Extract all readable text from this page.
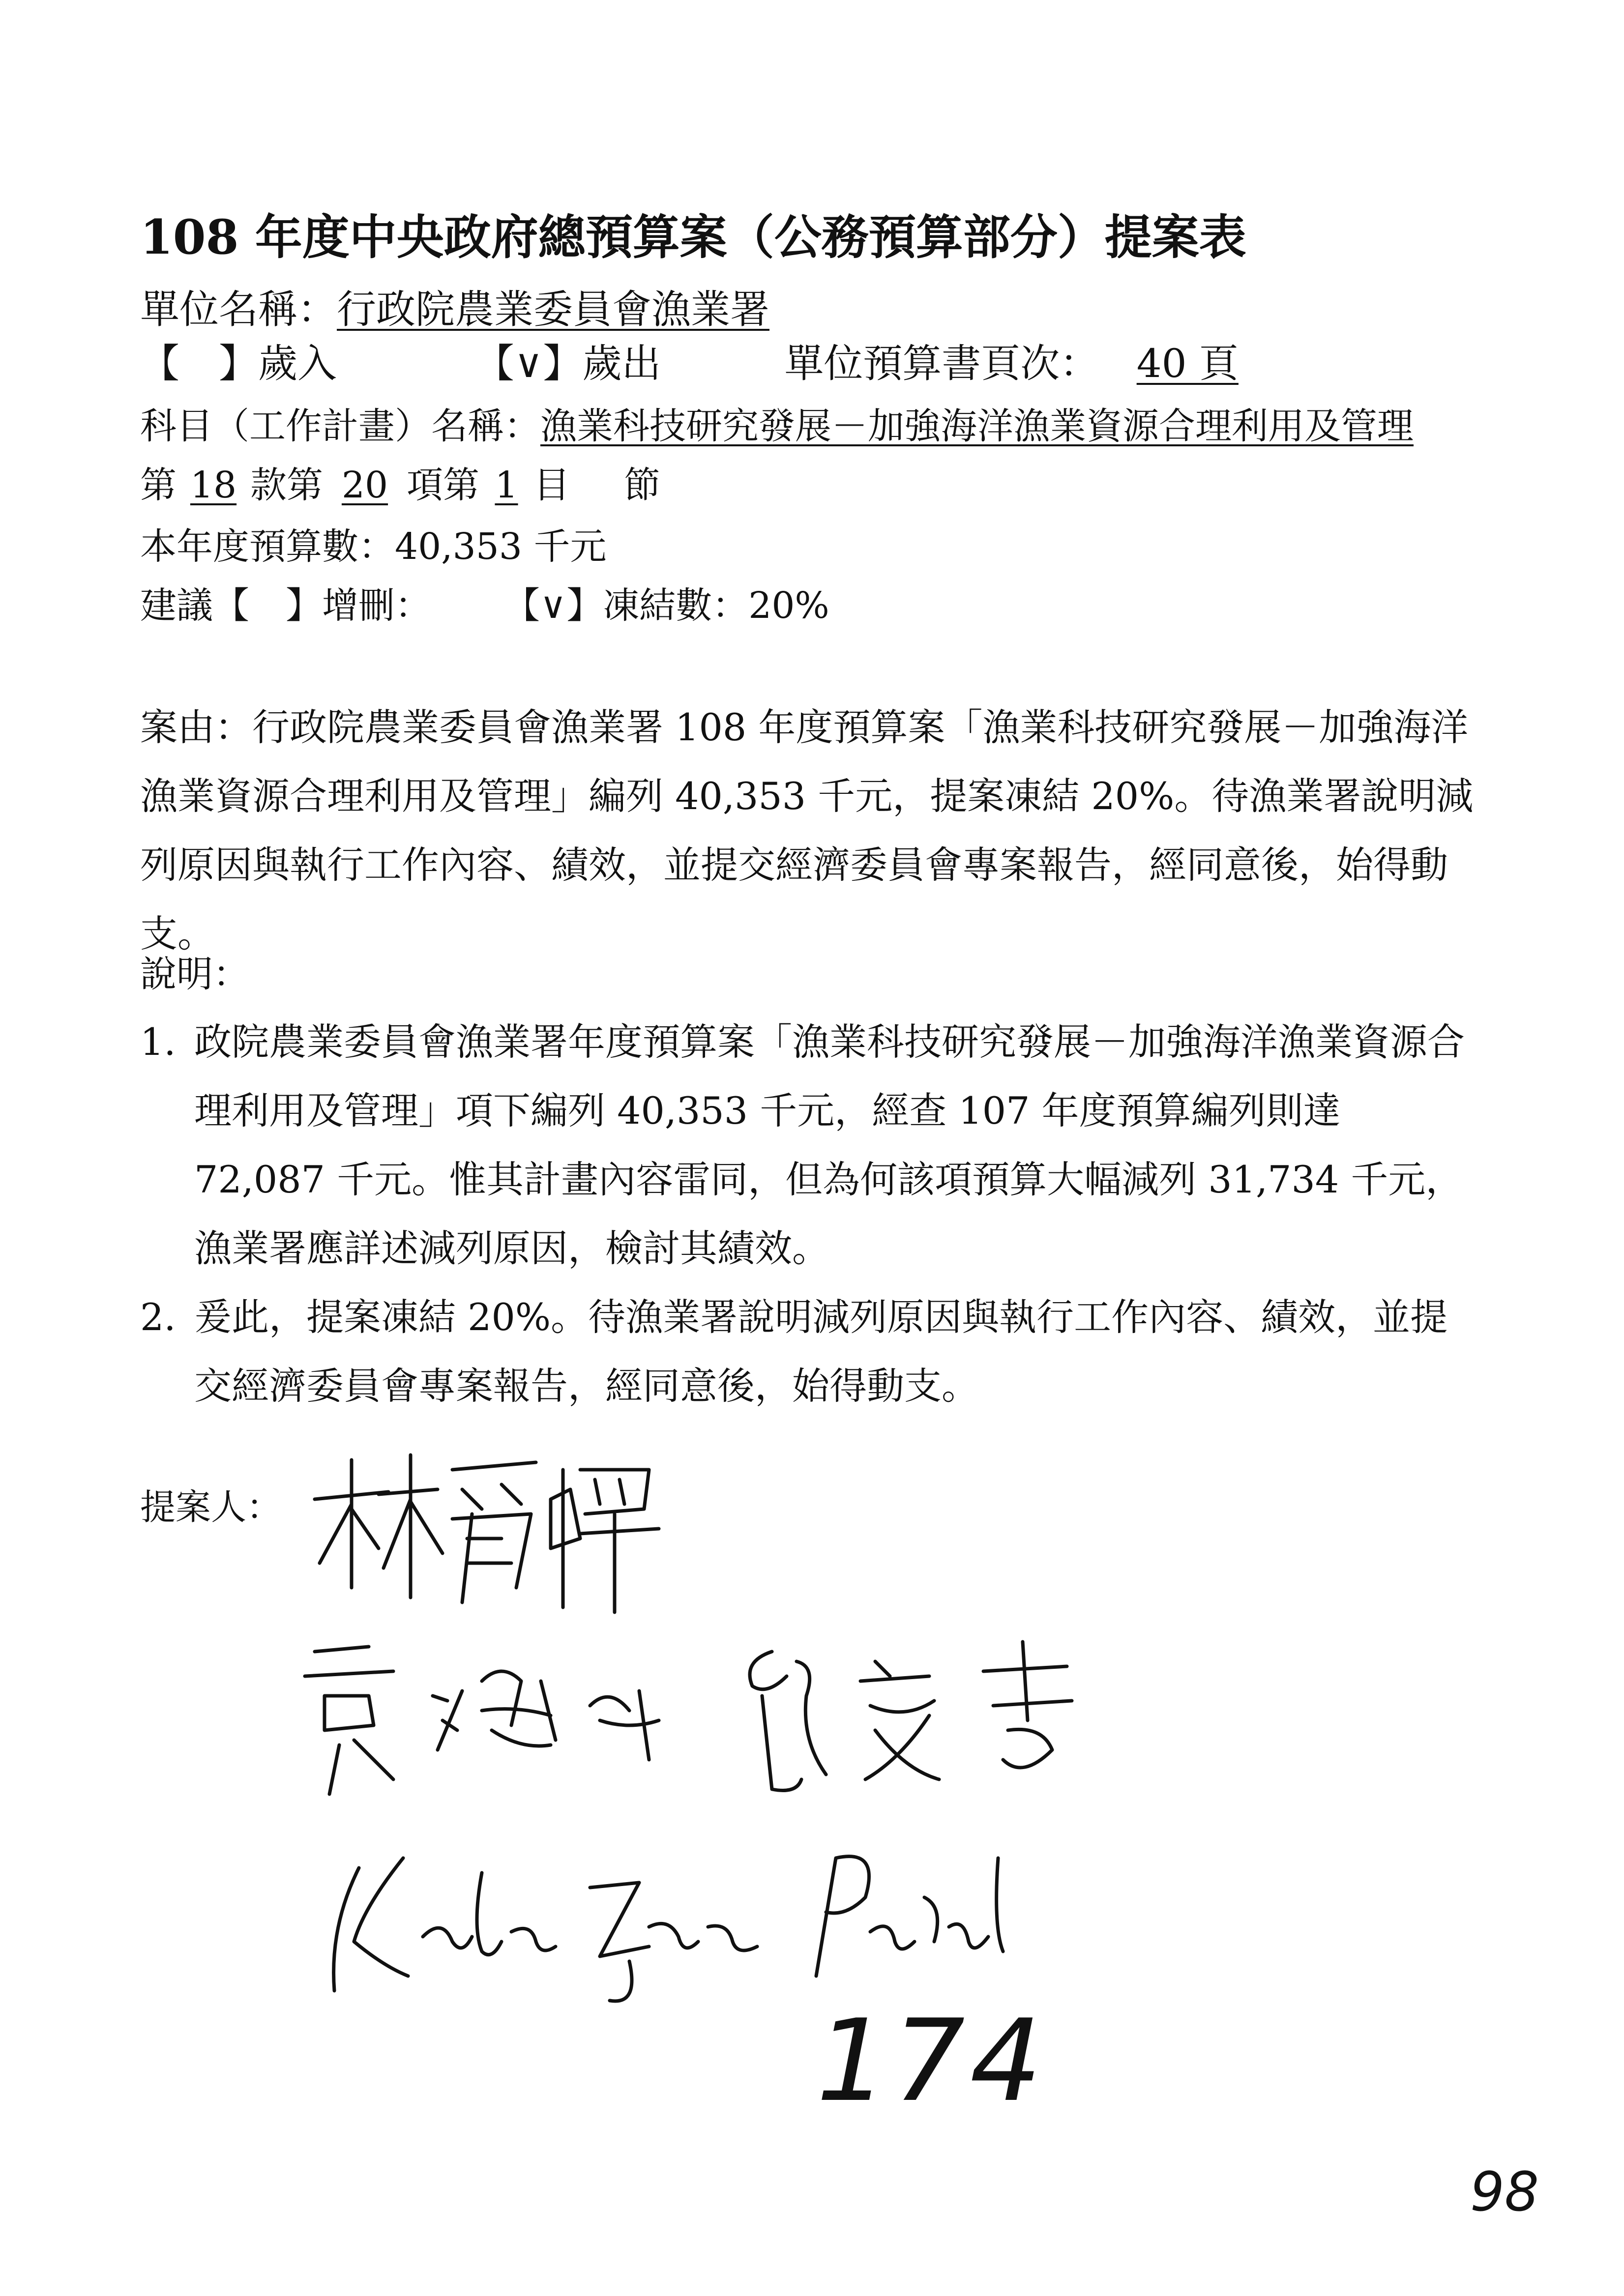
108 年度中央政府總預算案（公務預算部分）提案表
單位名稱：行政院農業委員會漁業署
【　】歲入	【∨】歲出	單位預算書頁次： 40 頁
科目（工作計畫）名稱：漁業科技研究發展－加強海洋漁業資源合理利用及管理
第 18 款第 20 項第 1 目 節
本年度預算數：40,353 千元
建議【　】增刪： 【∨】凍結數：20%
案由：行政院農業委員會漁業署 108 年度預算案「漁業科技研究發展－加強海洋漁業資源合理利用及管理」編列 40,353 千元，提案凍結 20%。待漁業署說明減列原因與執行工作內容、績效，並提交經濟委員會專案報告，經同意後，始得動支。
說明：
1. 政院農業委員會漁業署年度預算案「漁業科技研究發展－加強海洋漁業資源合理利用及管理」項下編列 40,353 千元，經查 107 年度預算編列則達 72,087 千元。惟其計畫內容雷同，但為何該項預算大幅減列 31,734 千元，漁業署應詳述減列原因，檢討其績效。
2. 爰此，提案凍結 20%。待漁業署說明減列原因與執行工作內容、績效，並提交經濟委員會專案報告，經同意後，始得動支。
提案人：
174
98
